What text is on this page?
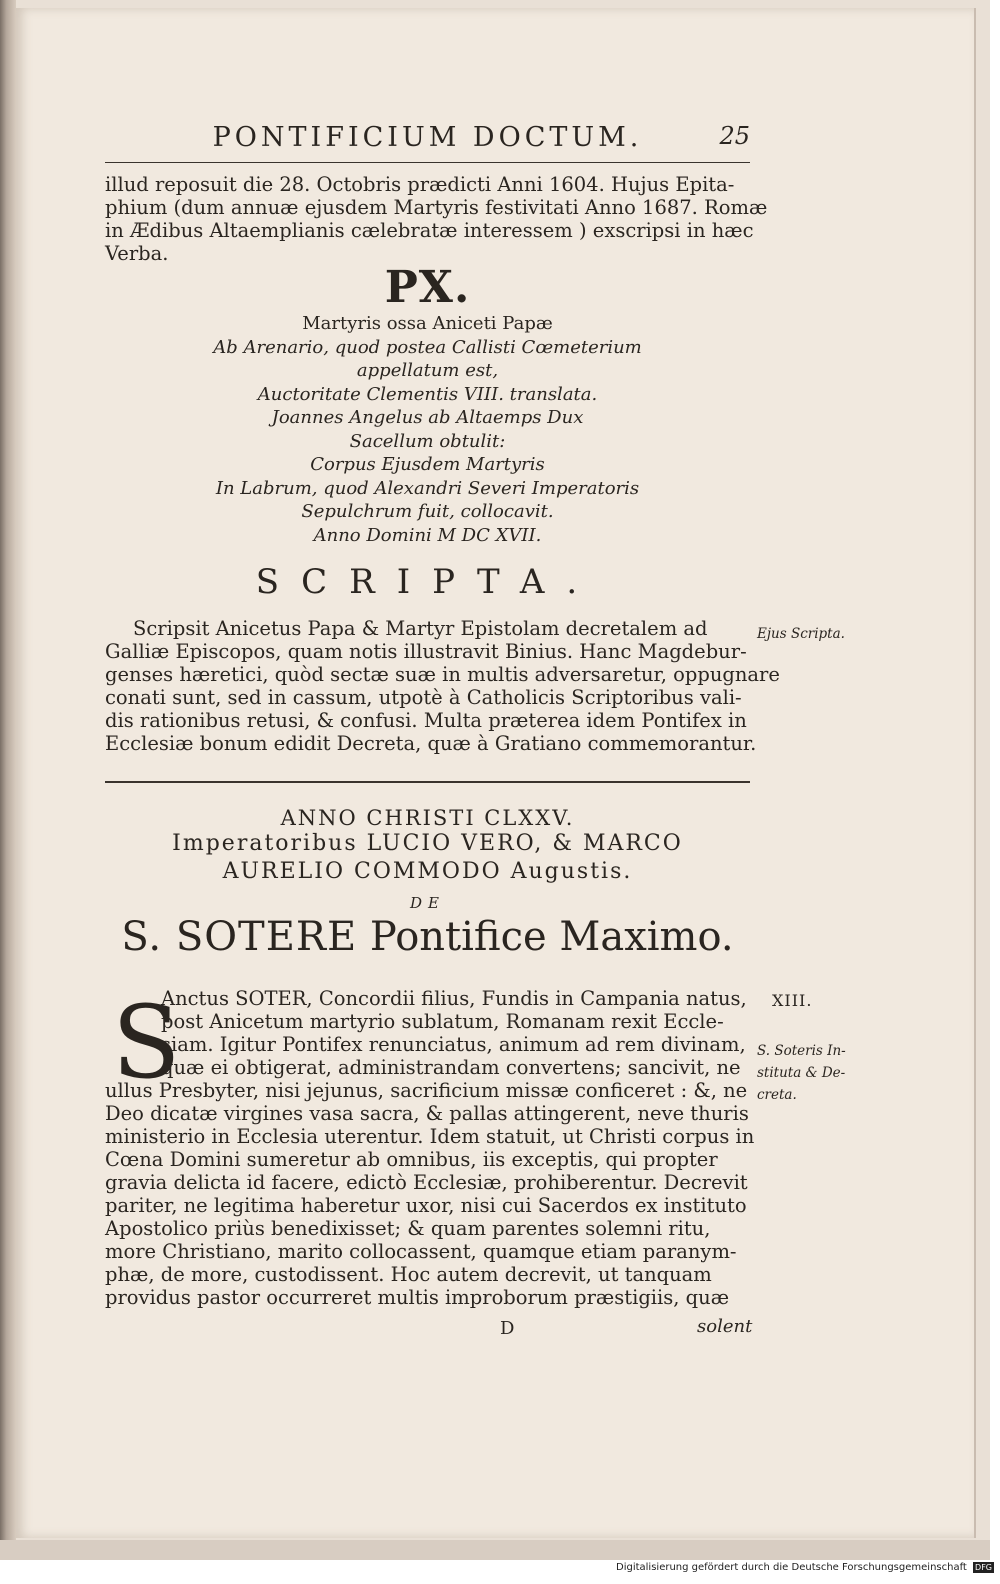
PONTIFICIUM DOCTUM.	25
illud reposuit die 28. Octobris prædicti Anni 1604. Hujus Epita-
phium (dum annuæ ejusdem Martyris festivitati Anno 1687. Romæ
in Ædibus Altaemplianis cælebratæ interessem ) exscripsi in hæc
Verba.
PX.
Martyris ossa Aniceti Papæ
Ab Arenario, quod postea Callisti Cœmeterium
appellatum est,
Auctoritate Clementis VIII. translata.
Joannes Angelus ab Altaemps Dux
Sacellum obtulit:
Corpus Ejusdem Martyris
In Labrum, quod Alexandri Severi Imperatoris
Sepulchrum fuit, collocavit.
Anno Domini M DC XVII.
SCRIPTA.
Scripsit Anicetus Papa & Martyr Epistolam decretalem ad
Galliæ Episcopos, quam notis illustravit Binius. Hanc Magdebur-
genses hæretici, quòd sectæ suæ in multis adversaretur, oppugnare
conati sunt, sed in cassum, utpotè à Catholicis Scriptoribus vali-
dis rationibus retusi, & confusi. Multa præterea idem Pontifex in
Ecclesiæ bonum edidit Decreta, quæ à Gratiano commemorantur.
Ejus Scripta.
ANNO CHRISTI CLXXV.
Imperatoribus LUCIO VERO, & MARCO
AURELIO COMMODO Augustis.
DE
S. SOTERE Pontifice Maximo.
S
Anctus SOTER, Concordii filius, Fundis in Campania natus,
post Anicetum martyrio sublatum, Romanam rexit Eccle-
siam. Igitur Pontifex renunciatus, animum ad rem divinam,
quæ ei obtigerat, administrandam convertens; sancivit, ne
ullus Presbyter, nisi jejunus, sacrificium missæ conficeret : &, ne
Deo dicatæ virgines vasa sacra, & pallas attingerent, neve thuris
ministerio in Ecclesia uterentur. Idem statuit, ut Christi corpus in
Cœna Domini sumeretur ab omnibus, iis exceptis, qui propter
gravia delicta id facere, edictò Ecclesiæ, prohiberentur. Decrevit
pariter, ne legitima haberetur uxor, nisi cui Sacerdos ex instituto
Apostolico priùs benedixisset; & quam parentes solemni ritu,
more Christiano, marito collocassent, quamque etiam paranym-
phæ, de more, custodissent. Hoc autem decrevit, ut tanquam
providus pastor occurreret multis improborum præstigiis, quæ
XIII.
S. Soteris In-
stituta & De-
creta.
D	solent
Digitalisierung gefördert durch die Deutsche Forschungsgemeinschaft DFG
